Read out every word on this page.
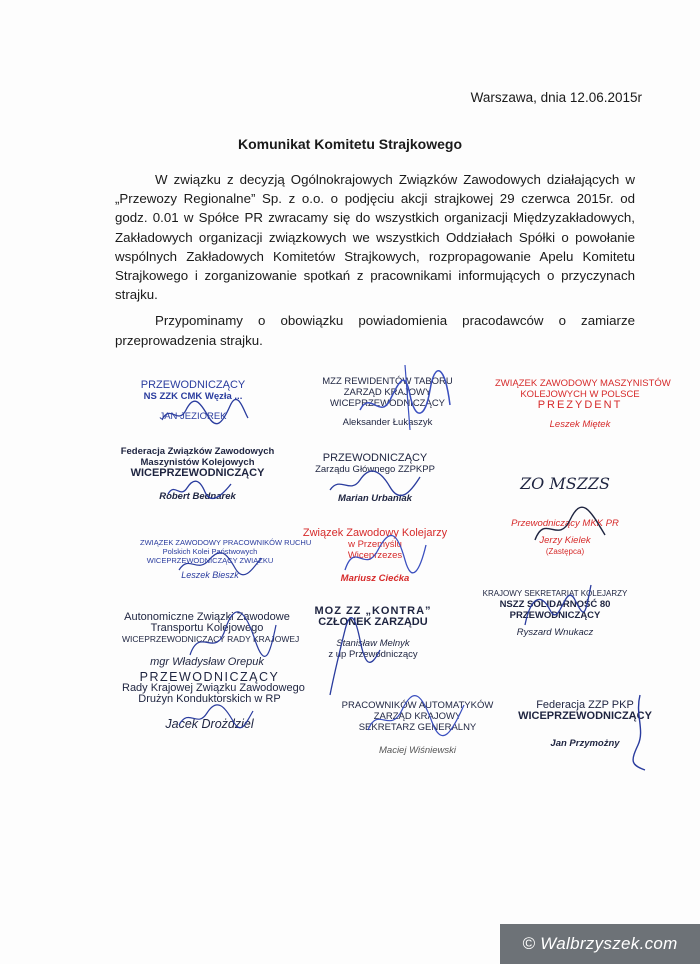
Warszawa, dnia 12.06.2015r
Komunikat Komitetu Strajkowego

W związku z decyzją Ogólnokrajowych Związków Zawodowych działających w „Przewozy Regionalne” Sp. z o.o. o podjęciu akcji strajkowej 29 czerwca 2015r. od godz. 0.01 w Spółce PR zwracamy się do wszystkich organizacji Międzyzakładowych, Zakładowych organizacji związkowych we wszystkich Oddziałach Spółki o powołanie wspólnych Zakładowych Komitetów Strajkowych, rozpropagowanie Apelu Komitetu Strajkowego i zorganizowanie spotkań z pracownikami informujących o przyczynach strajku.

Przypominamy o obowiązku powiadomienia pracodawców o zamiarze przeprowadzenia strajku.

PRZEWODNICZĄCY
NS ZZK CMK Węzła ...
JAN JEZIOREK
MZZ REWIDENTÓW TABORU
ZARZĄD KRAJOWY
WICEPRZEWODNICZĄCY
Aleksander Łukaszyk
ZWIĄZEK ZAWODOWY MASZYNISTÓW
KOLEJOWYCH W POLSCE
PREZYDENT
Leszek Miętek
Federacja Związków Zawodowych
Maszynistów Kolejowych
WICEPRZEWODNICZĄCY
Robert Bednarek
PRZEWODNICZĄCY
Zarządu Głównego ZZPKPP
Marian Urbaniak
ZO MSZZS
ZWIĄZEK ZAWODOWY PRACOWNIKÓW RUCHU
Polskich Kolei Państwowych
WICEPRZEWODNICZĄCY ZWIĄZKU
Leszek Bieszk
Związek Zawodowy Kolejarzy
w Przemyślu
Wiceprzezes
Mariusz Ciećka
Przewodniczący MKK PR
Jerzy Kielek
(Zastępca)
Autonomiczne Związki Zawodowe
Transportu Kolejowego
WICEPRZEWODNICZĄCY RADY KRAJOWEJ
mgr Władysław Orepuk
MOZ ZZ „KONTRA”
CZŁONEK ZARZĄDU
Stanisław Melnyk
z up Przewodniczący
KRAJOWY SEKRETARIAT KOLEJARZY
NSZZ SOLIDARNOŚĆ 80
PRZEWODNICZĄCY
Ryszard Wnukacz
PRZEWODNICZĄCY
Rady Krajowej Związku Zawodowego
Drużyn Konduktorskich w RP
Jacek Drożdziel
PRACOWNIKÓW AUTOMATYKÓW
ZARZĄD KRAJOWY
SEKRETARZ GENERALNY
Maciej Wiśniewski
Federacja ZZP PKP
WICEPRZEWODNICZĄCY
Jan Przymożny
© Walbrzyszek.com
